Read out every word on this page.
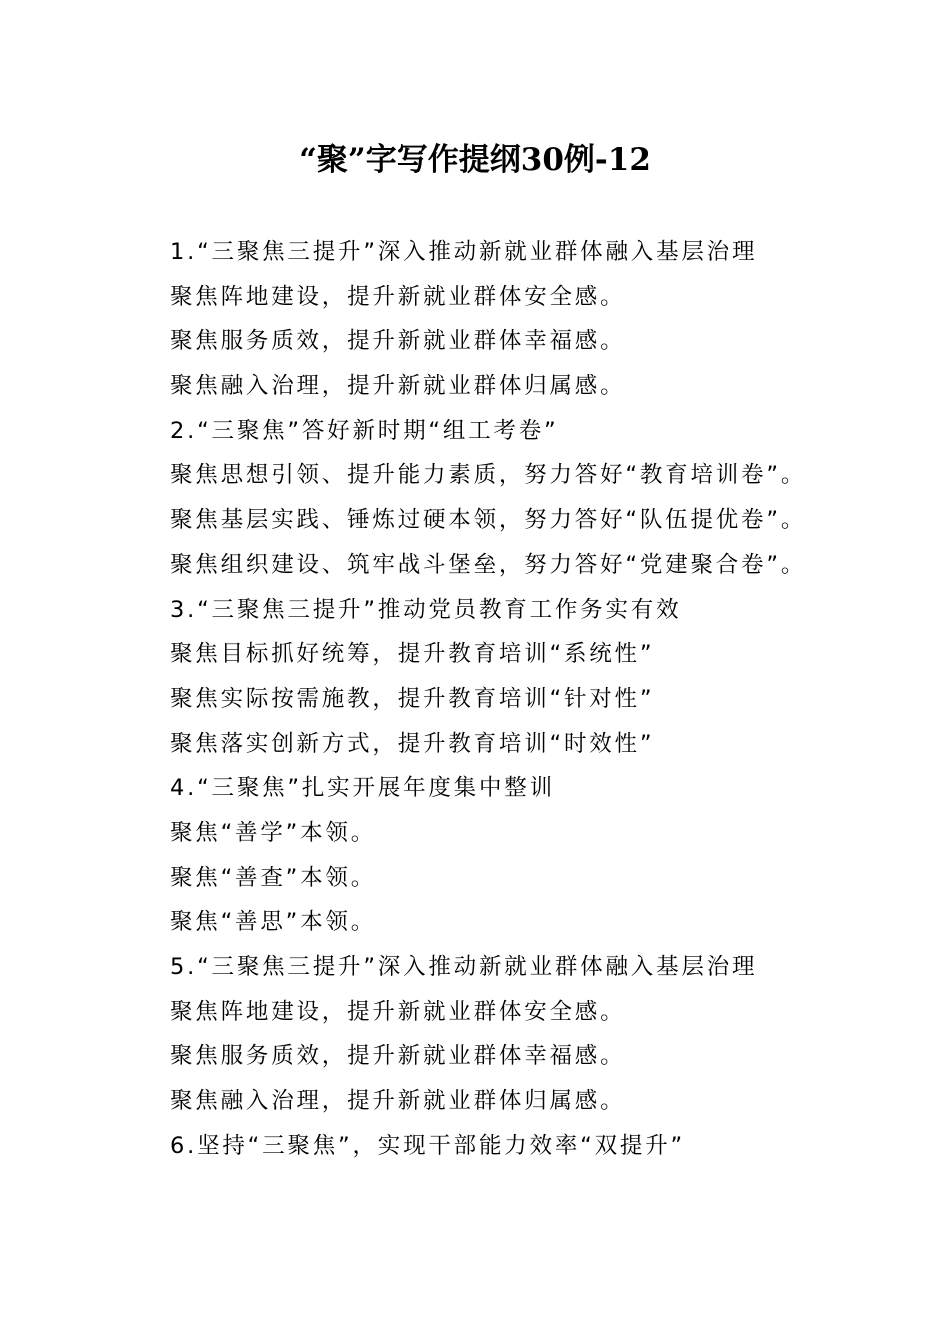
“聚”字写作提纲30例-12
1.“三聚焦三提升”深入推动新就业群体融入基层治理
聚焦阵地建设，提升新就业群体安全感。
聚焦服务质效，提升新就业群体幸福感。
聚焦融入治理，提升新就业群体归属感。
2.“三聚焦”答好新时期“组工考卷”
聚焦思想引领、提升能力素质，努力答好“教育培训卷”。
聚焦基层实践、锤炼过硬本领，努力答好“队伍提优卷”。
聚焦组织建设、筑牢战斗堡垒，努力答好“党建聚合卷”。
3.“三聚焦三提升”推动党员教育工作务实有效
聚焦目标抓好统筹，提升教育培训“系统性”
聚焦实际按需施教，提升教育培训“针对性”
聚焦落实创新方式，提升教育培训“时效性”
4.“三聚焦”扎实开展年度集中整训
聚焦“善学”本领。
聚焦“善查”本领。
聚焦“善思”本领。
5.“三聚焦三提升”深入推动新就业群体融入基层治理
聚焦阵地建设，提升新就业群体安全感。
聚焦服务质效，提升新就业群体幸福感。
聚焦融入治理，提升新就业群体归属感。
6.坚持“三聚焦”，实现干部能力效率“双提升”
